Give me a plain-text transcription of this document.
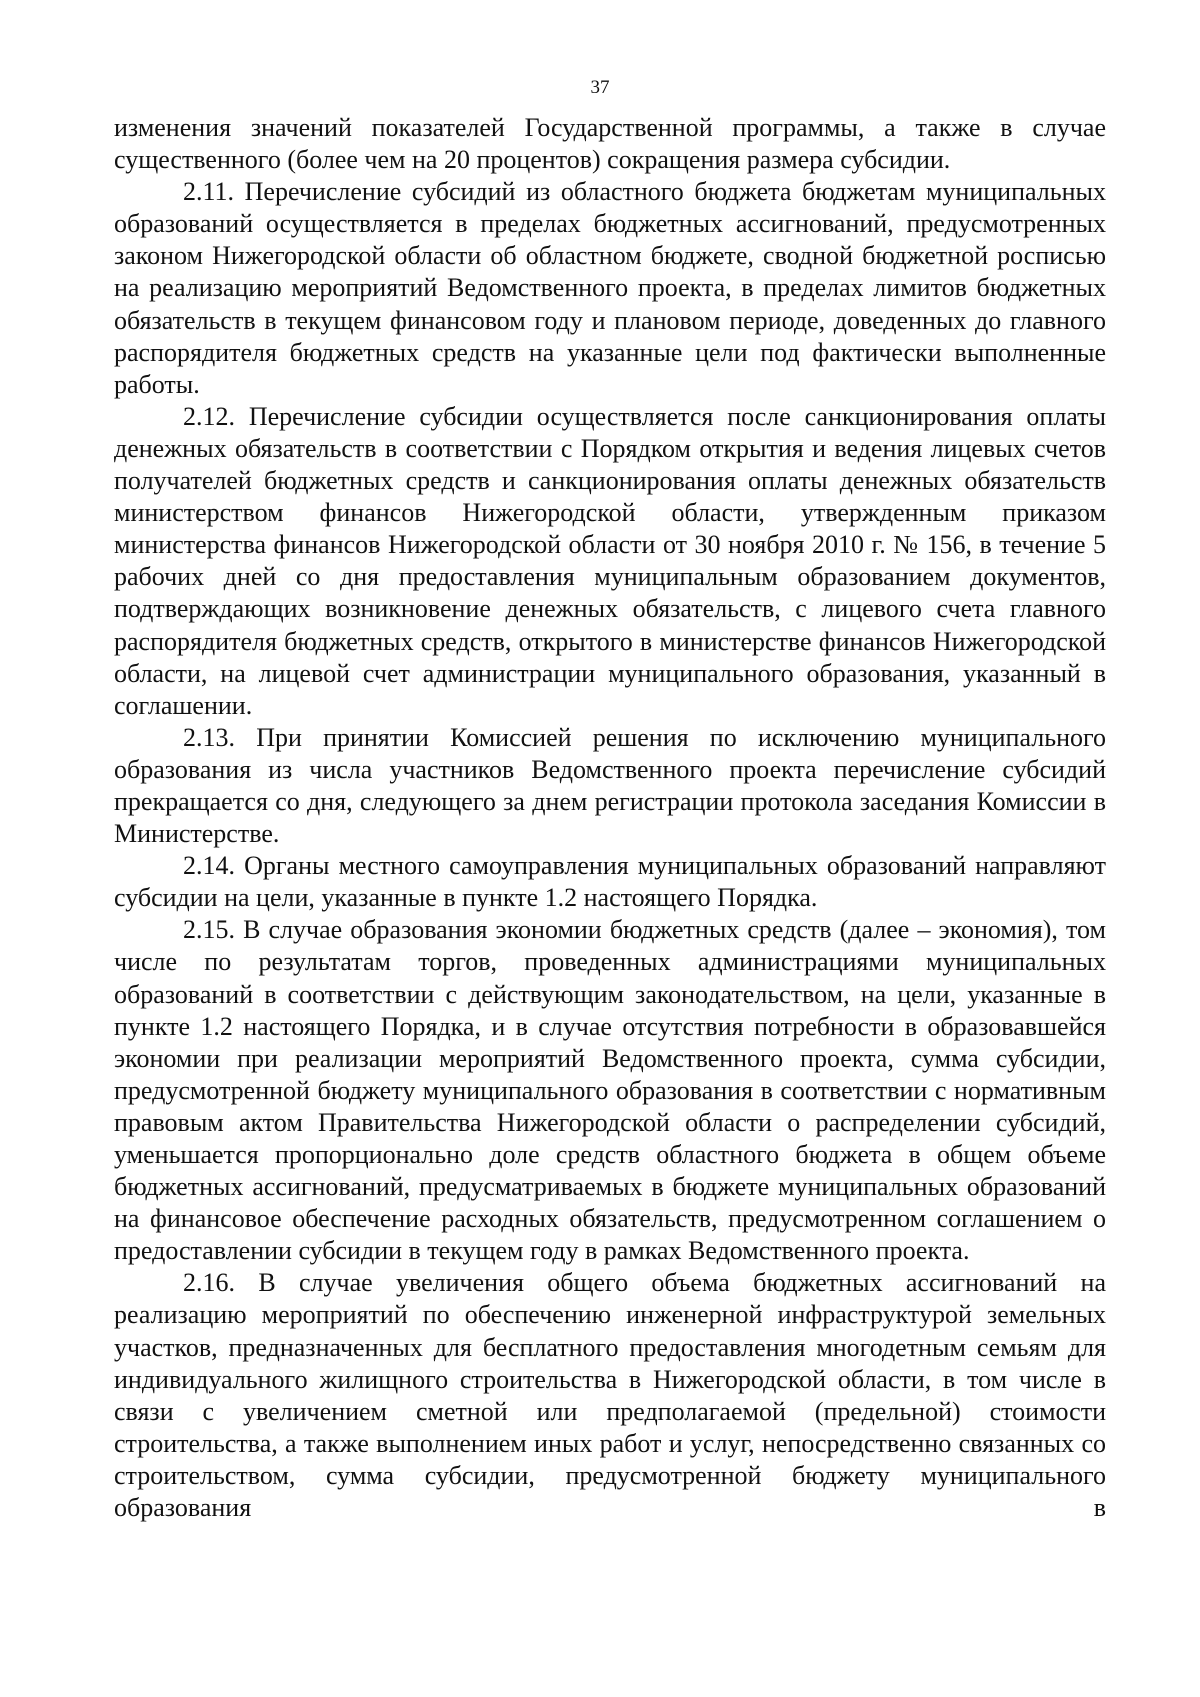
37

изменения значений показателей Государственной программы, а также в случае существенного (более чем на 20 процентов) сокращения размера субсидии.

2.11. Перечисление субсидий из областного бюджета бюджетам муниципальных образований осуществляется в пределах бюджетных ассигнований, предусмотренных законом Нижегородской области об областном бюджете, сводной бюджетной росписью на реализацию мероприятий Ведомственного проекта, в пределах лимитов бюджетных обязательств в текущем финансовом году и плановом периоде, доведенных до главного распорядителя бюджетных средств на указанные цели под фактически выполненные работы.

2.12. Перечисление субсидии осуществляется после санкционирования оплаты денежных обязательств в соответствии с Порядком открытия и ведения лицевых счетов получателей бюджетных средств и санкционирования оплаты денежных обязательств министерством финансов Нижегородской области, утвержденным приказом министерства финансов Нижегородской области от 30 ноября 2010 г. № 156, в течение 5 рабочих дней со дня предоставления муниципальным образованием документов, подтверждающих возникновение денежных обязательств, с лицевого счета главного распорядителя бюджетных средств, открытого в министерстве финансов Нижегородской области, на лицевой счет администрации муниципального образования, указанный в соглашении.

2.13. При принятии Комиссией решения по исключению муниципального образования из числа участников Ведомственного проекта перечисление субсидий прекращается со дня, следующего за днем регистрации протокола заседания Комиссии в Министерстве.

2.14. Органы местного самоуправления муниципальных образований направляют субсидии на цели, указанные в пункте 1.2 настоящего Порядка.

2.15. В случае образования экономии бюджетных средств (далее – экономия), том числе по результатам торгов, проведенных администрациями муниципальных образований в соответствии с действующим законодательством, на цели, указанные в пункте 1.2 настоящего Порядка, и в случае отсутствия потребности в образовавшейся экономии при реализации мероприятий Ведомственного проекта, сумма субсидии, предусмотренной бюджету муниципального образования в соответствии с нормативным правовым актом Правительства Нижегородской области о распределении субсидий, уменьшается пропорционально доле средств областного бюджета в общем объеме бюджетных ассигнований, предусматриваемых в бюджете муниципальных образований на финансовое обеспечение расходных обязательств, предусмотренном соглашением о предоставлении субсидии в текущем году в рамках Ведомственного проекта.

2.16. В случае увеличения общего объема бюджетных ассигнований на реализацию мероприятий по обеспечению инженерной инфраструктурой земельных участков, предназначенных для бесплатного предоставления многодетным семьям для индивидуального жилищного строительства в Нижегородской области, в том числе в связи с увеличением сметной или предполагаемой (предельной) стоимости строительства, а также выполнением иных работ и услуг, непосредственно связанных со строительством, сумма субсидии, предусмотренной бюджету муниципального образования в
